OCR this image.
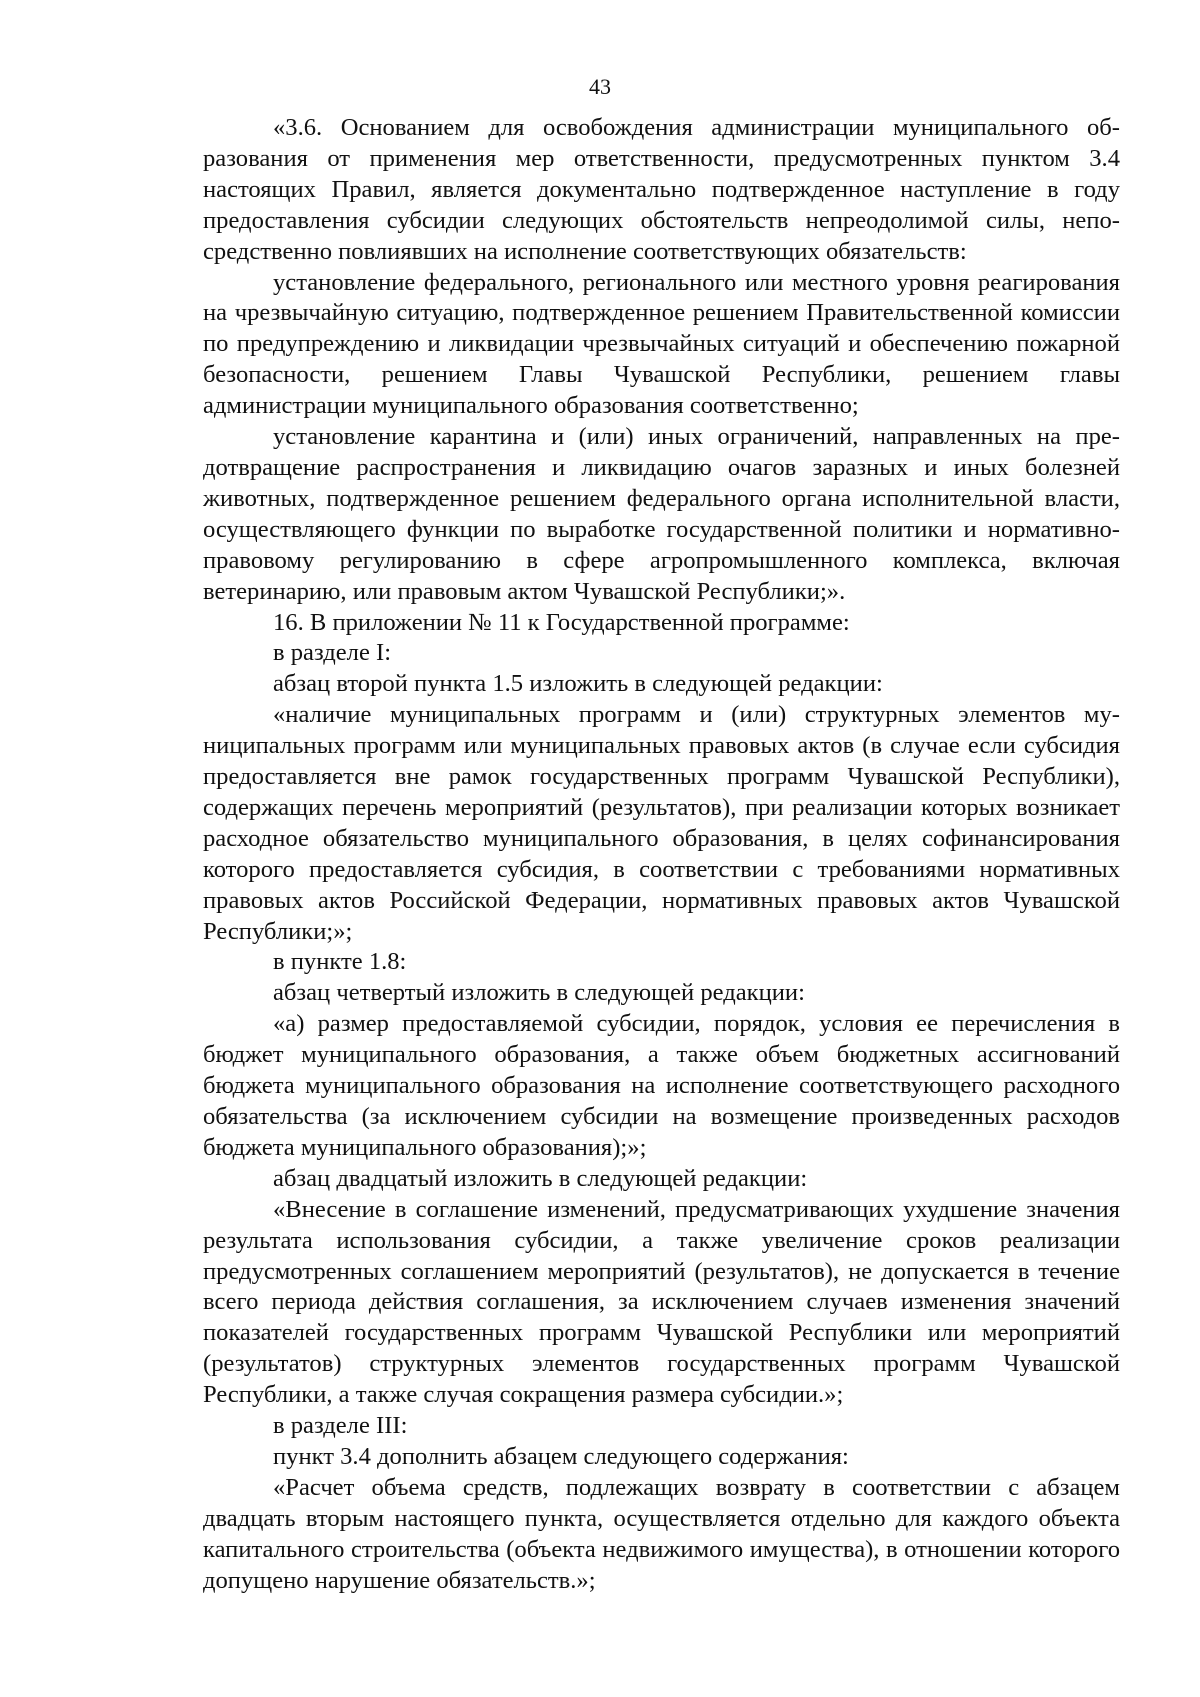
43

«3.6. Основанием для освобождения администрации муниципального образования от применения мер ответственности, предусмотренных пунктом 3.4 настоящих Правил, является документально подтвержденное наступление в году предоставления субсидии следующих обстоятельств непреодолимой силы, непосредственно повлиявших на исполнение соответствующих обязательств:

установление федерального, регионального или местного уровня реагирования на чрезвычайную ситуацию, подтвержденное решением Правительственной комиссии по предупреждению и ликвидации чрезвычайных ситуаций и обеспечению пожарной безопасности, решением Главы Чувашской Республики, решением главы администрации муниципального образования соответственно;

установление карантина и (или) иных ограничений, направленных на предотвращение распространения и ликвидацию очагов заразных и иных болезней животных, подтвержденное решением федерального органа исполнительной власти, осуществляющего функции по выработке государственной политики и нормативно-правовому регулированию в сфере агропромышленного комплекса, включая ветеринарию, или правовым актом Чувашской Республики;».

16. В приложении № 11 к Государственной программе:

в разделе I:

абзац второй пункта 1.5 изложить в следующей редакции:

«наличие муниципальных программ и (или) структурных элементов муниципальных программ или муниципальных правовых актов (в случае если субсидия предоставляется вне рамок государственных программ Чувашской Республики), содержащих перечень мероприятий (результатов), при реализации которых возникает расходное обязательство муниципального образования, в целях софинансирования которого предоставляется субсидия, в соответствии с требованиями нормативных правовых актов Российской Федерации, нормативных правовых актов Чувашской Республики;»;

в пункте 1.8:

абзац четвертый изложить в следующей редакции:

«а) размер предоставляемой субсидии, порядок, условия ее перечисления в бюджет муниципального образования, а также объем бюджетных ассигнований бюджета муниципального образования на исполнение соответствующего расходного обязательства (за исключением субсидии на возмещение произведенных расходов бюджета муниципального образования);»;

абзац двадцатый изложить в следующей редакции:

«Внесение в соглашение изменений, предусматривающих ухудшение значения результата использования субсидии, а также увеличение сроков реализации предусмотренных соглашением мероприятий (результатов), не допускается в течение всего периода действия соглашения, за исключением случаев изменения значений показателей государственных программ Чувашской Республики или мероприятий (результатов) структурных элементов государственных программ Чувашской Республики, а также случая сокращения размера субсидии.»;

в разделе III:

пункт 3.4 дополнить абзацем следующего содержания:

«Расчет объема средств, подлежащих возврату в соответствии с абзацем двадцать вторым настоящего пункта, осуществляется отдельно для каждого объекта капитального строительства (объекта недвижимого имущества), в отношении которого допущено нарушение обязательств.»;
